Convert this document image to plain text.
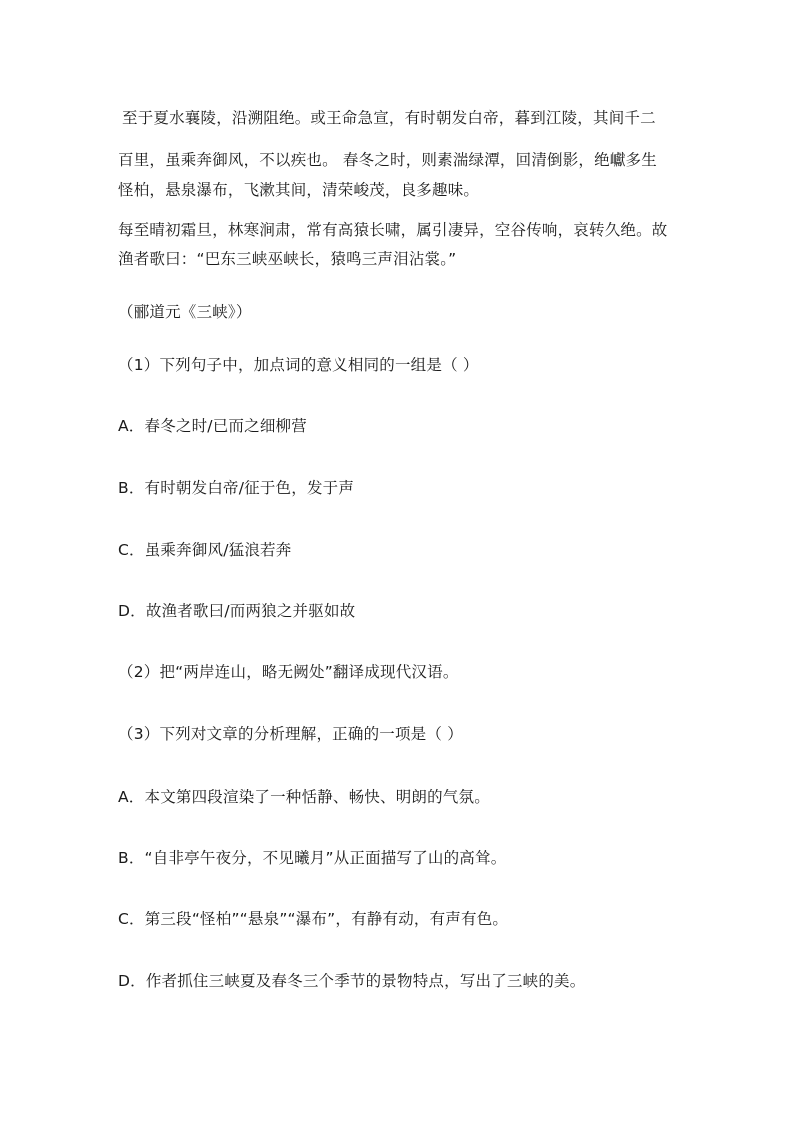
至于夏水襄陵，沿溯阻绝。或王命急宣，有时朝发白帝，暮到江陵，其间千二
百里，虽乘奔御风，不以疾也。 春冬之时，则素湍绿潭，回清倒影，绝巘多生
怪柏，悬泉瀑布，飞漱其间，清荣峻茂，良多趣味。
每至晴初霜旦，林寒涧肃，常有高猿长啸，属引凄异，空谷传响，哀转久绝。故
渔者歌曰：“巴东三峡巫峡长，猿鸣三声泪沾裳。”
（郦道元《三峡》）
（1）下列句子中，加点词的意义相同的一组是（ ）
A．春冬之时/已而之细柳营
B．有时朝发白帝/征于色，发于声
C．虽乘奔御风/猛浪若奔
D．故渔者歌曰/而两狼之并驱如故
（2）把“两岸连山，略无阙处”翻译成现代汉语。
（3）下列对文章的分析理解，正确的一项是（ ）
A．本文第四段渲染了一种恬静、畅快、明朗的气氛。
B．“自非亭午夜分，不见曦月”从正面描写了山的高耸。
C．第三段“怪柏”“悬泉”“瀑布”，有静有动，有声有色。
D．作者抓住三峡夏及春冬三个季节的景物特点，写出了三峡的美。
